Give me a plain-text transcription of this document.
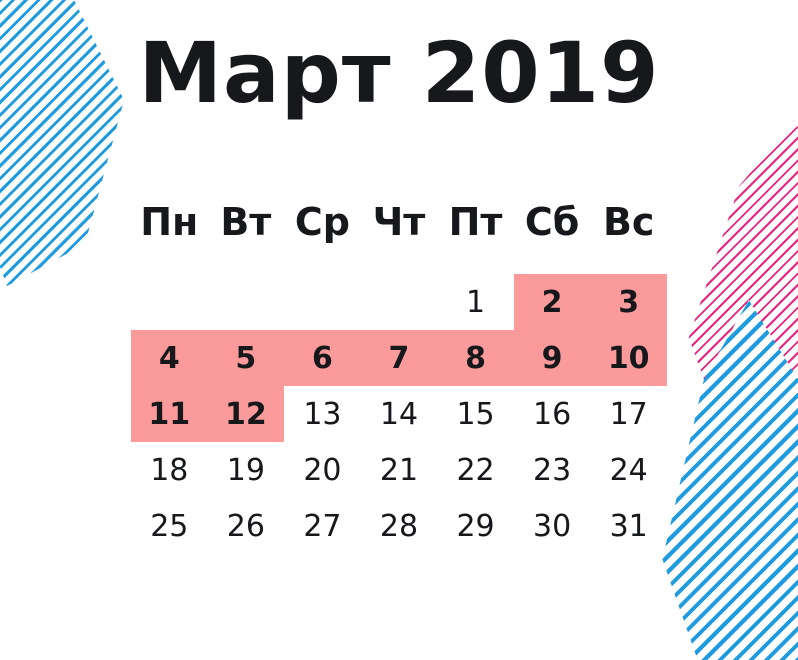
Март 2019
Пн	Вт	Ср	Чт	Пт	Сб	Вс
				1	2	3
4	5	6	7	8	9	10
11	12	13	14	15	16	17
18	19	20	21	22	23	24
25	26	27	28	29	30	31
